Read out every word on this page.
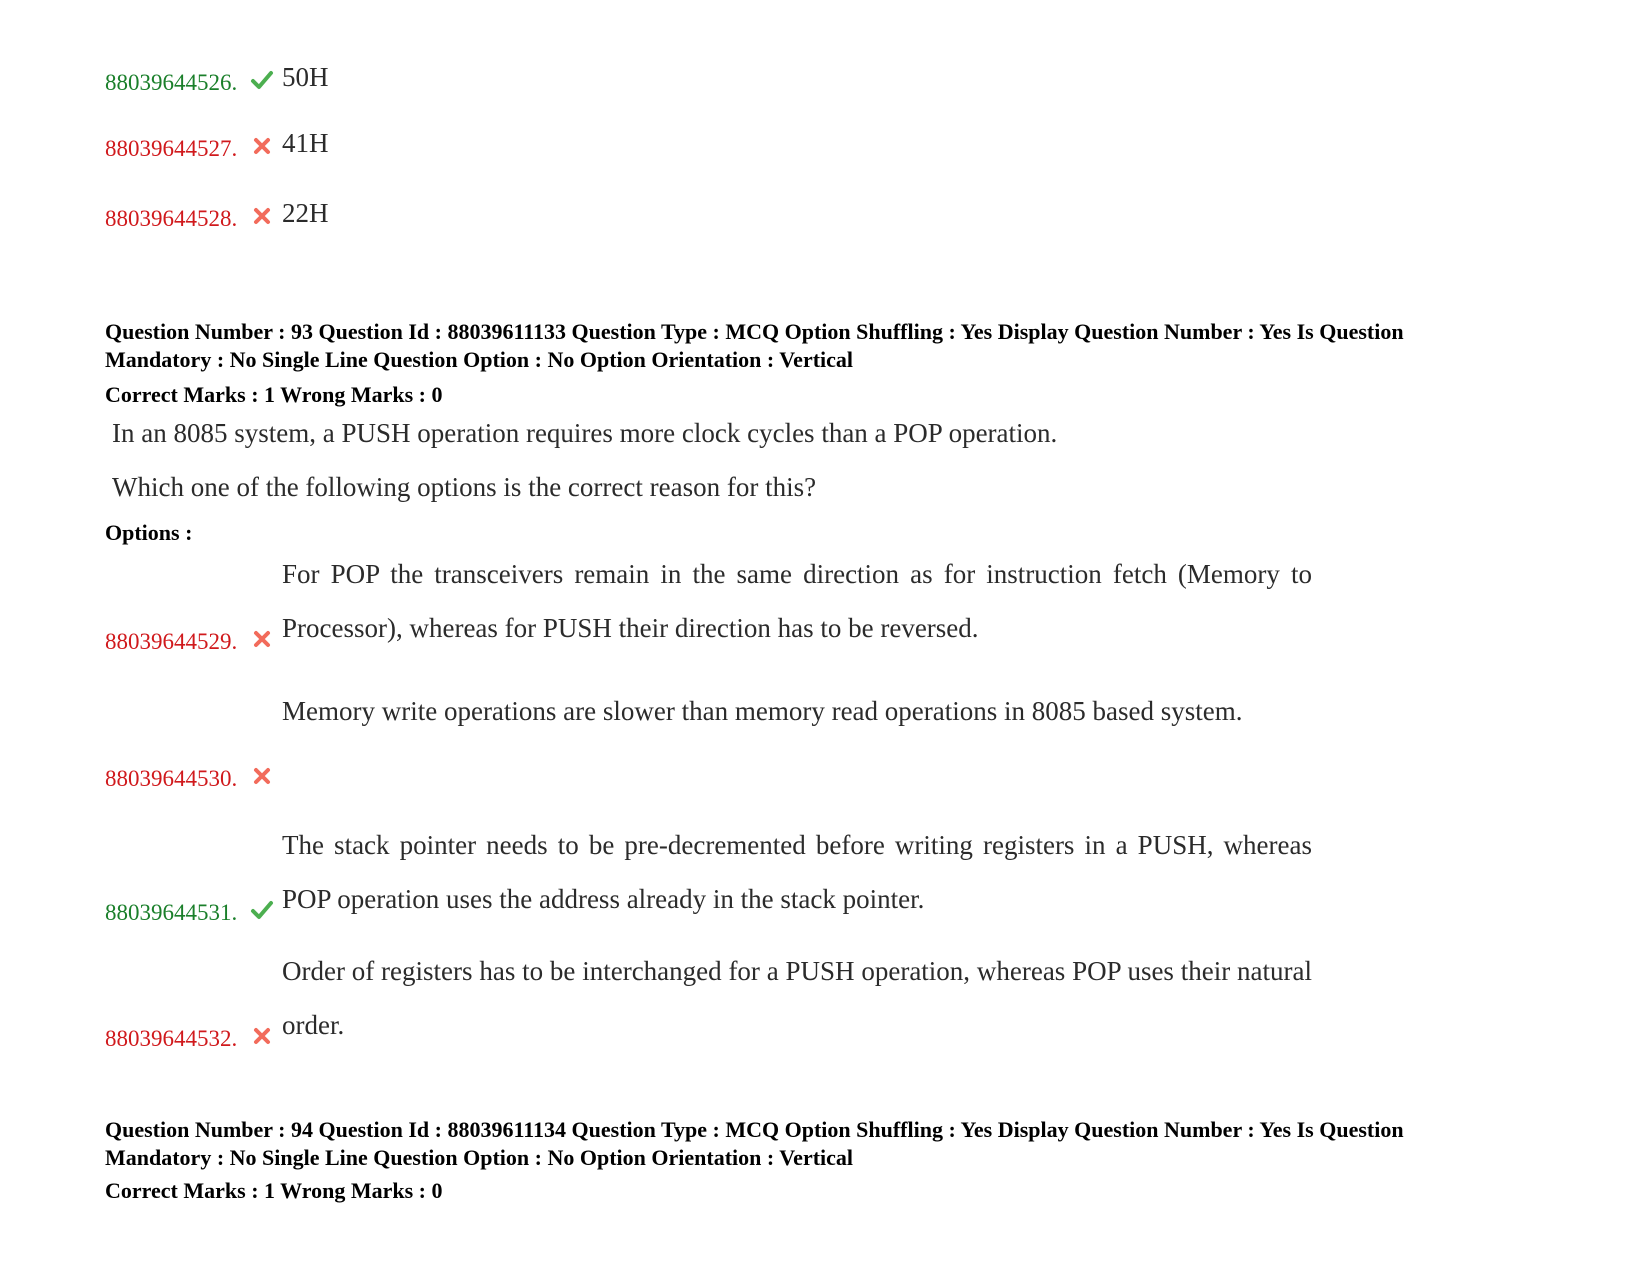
88039644526. 50H
88039644527. 41H
88039644528. 22H
Question Number : 93 Question Id : 88039611133 Question Type : MCQ Option Shuffling : Yes Display Question Number : Yes Is Question
Mandatory : No Single Line Question Option : No Option Orientation : Vertical
Correct Marks : 1 Wrong Marks : 0
In an 8085 system, a PUSH operation requires more clock cycles than a POP operation.
Which one of the following options is the correct reason for this?
Options :
For POP the transceivers remain in the same direction as for instruction fetch (Memory to Processor), whereas for PUSH their direction has to be reversed.
88039644529.
Memory write operations are slower than memory read operations in 8085 based system.
88039644530.
The stack pointer needs to be pre-decremented before writing registers in a PUSH, whereas POP operation uses the address already in the stack pointer.
88039644531.
Order of registers has to be interchanged for a PUSH operation, whereas POP uses their natural order.
88039644532.
Question Number : 94 Question Id : 88039611134 Question Type : MCQ Option Shuffling : Yes Display Question Number : Yes Is Question
Mandatory : No Single Line Question Option : No Option Orientation : Vertical
Correct Marks : 1 Wrong Marks : 0
